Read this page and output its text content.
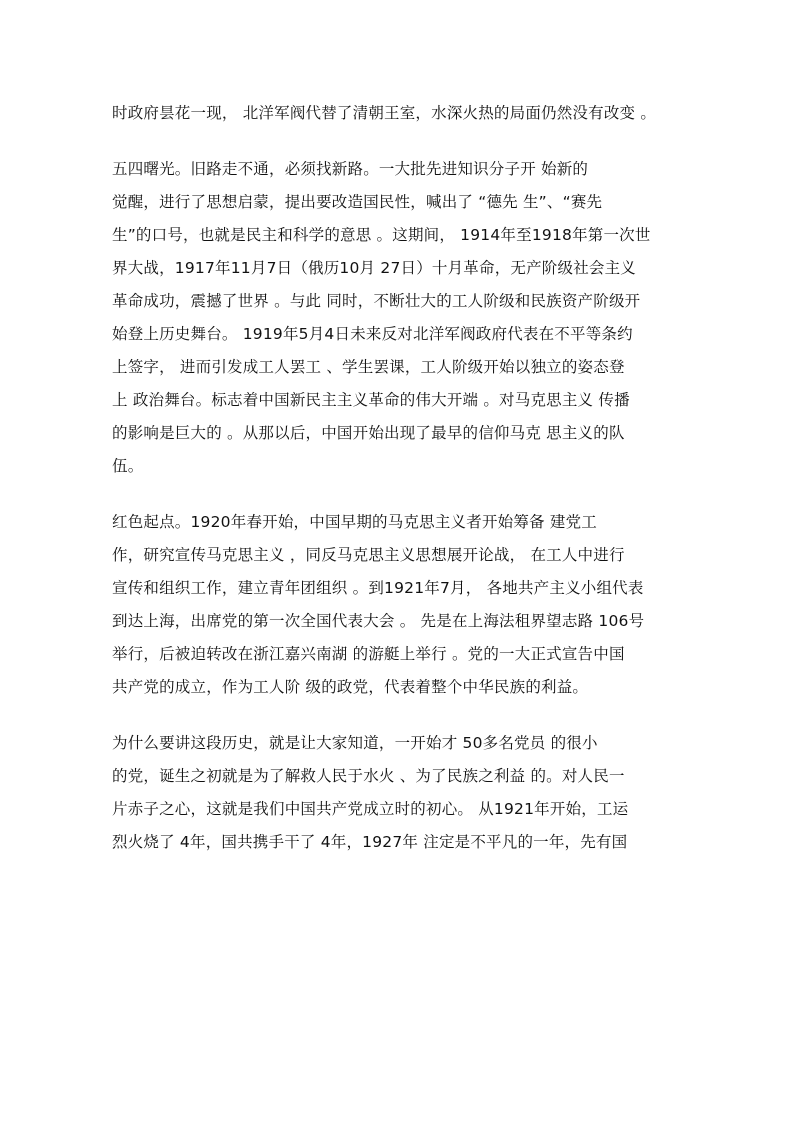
时政府昙花一现， 北洋军阀代替了清朝王室，水深火热的局面仍然没有改变 。
五四曙光。旧路走不通，必须找新路。一大批先进知识分子开 始新的
觉醒，进行了思想启蒙，提出要改造国民性，喊出了 “德先 生”、“赛先
生”的口号，也就是民主和科学的意思 。这期间， 1914年至1918年第一次世
界大战，1917年11月7日（俄历10月 27日）十月革命，无产阶级社会主义
革命成功，震撼了世界 。与此 同时，不断壮大的工人阶级和民族资产阶级开
始登上历史舞台。 1919年5月4日未来反对北洋军阀政府代表在不平等条约
上签字， 进而引发成工人罢工 、学生罢课，工人阶级开始以独立的姿态登
上 政治舞台。标志着中国新民主主义革命的伟大开端 。对马克思主义 传播
的影响是巨大的 。从那以后，中国开始出现了最早的信仰马克 思主义的队
伍。
红色起点。1920年春开始，中国早期的马克思主义者开始筹备 建党工
作，研究宣传马克思主义 ，同反马克思主义思想展开论战， 在工人中进行
宣传和组织工作，建立青年团组织 。到1921年7月， 各地共产主义小组代表
到达上海，出席党的第一次全国代表大会 。 先是在上海法租界望志路 106号
举行，后被迫转改在浙江嘉兴南湖 的游艇上举行 。党的一大正式宣告中国
共产党的成立，作为工人阶 级的政党，代表着整个中华民族的利益。
为什么要讲这段历史，就是让大家知道，一开始才 50多名党员 的很小
的党，诞生之初就是为了解救人民于水火 、为了民族之利益 的。对人民一
片赤子之心，这就是我们中国共产党成立时的初心。 从1921年开始，工运
烈火烧了 4年，国共携手干了 4年，1927年 注定是不平凡的一年，先有国
